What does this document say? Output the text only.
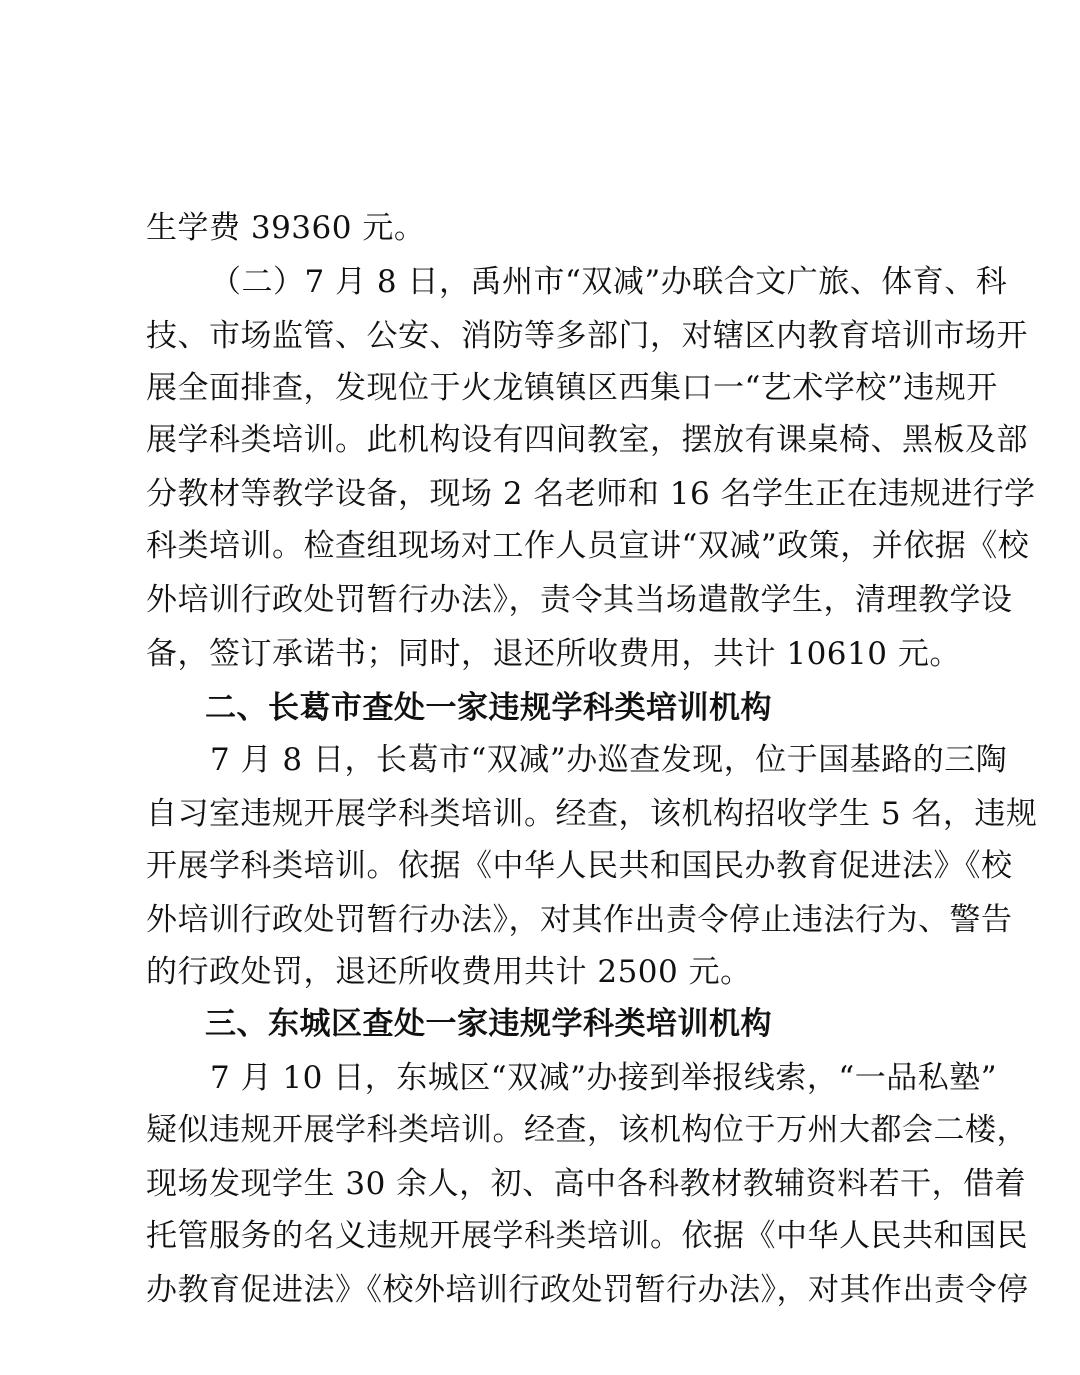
生学费 39360 元。
（二）7 月 8 日，禹州市“双减”办联合文广旅、体育、科
技、市场监管、公安、消防等多部门，对辖区内教育培训市场开
展全面排查，发现位于火龙镇镇区西集口一“艺术学校”违规开
展学科类培训。此机构设有四间教室，摆放有课桌椅、黑板及部
分教材等教学设备，现场 2 名老师和 16 名学生正在违规进行学
科类培训。检查组现场对工作人员宣讲“双减”政策，并依据《校
外培训行政处罚暂行办法》，责令其当场遣散学生，清理教学设
备，签订承诺书；同时，退还所收费用，共计 10610 元。
二、长葛市查处一家违规学科类培训机构
7 月 8 日，长葛市“双减”办巡查发现，位于国基路的三陶
自习室违规开展学科类培训。经查，该机构招收学生 5 名，违规
开展学科类培训。依据《中华人民共和国民办教育促进法》《校
外培训行政处罚暂行办法》，对其作出责令停止违法行为、警告
的行政处罚，退还所收费用共计 2500 元。
三、东城区查处一家违规学科类培训机构
7 月 10 日，东城区“双减”办接到举报线索，“一品私塾”
疑似违规开展学科类培训。经查，该机构位于万州大都会二楼，
现场发现学生 30 余人，初、高中各科教材教辅资料若干，借着
托管服务的名义违规开展学科类培训。依据《中华人民共和国民
办教育促进法》《校外培训行政处罚暂行办法》，对其作出责令停
